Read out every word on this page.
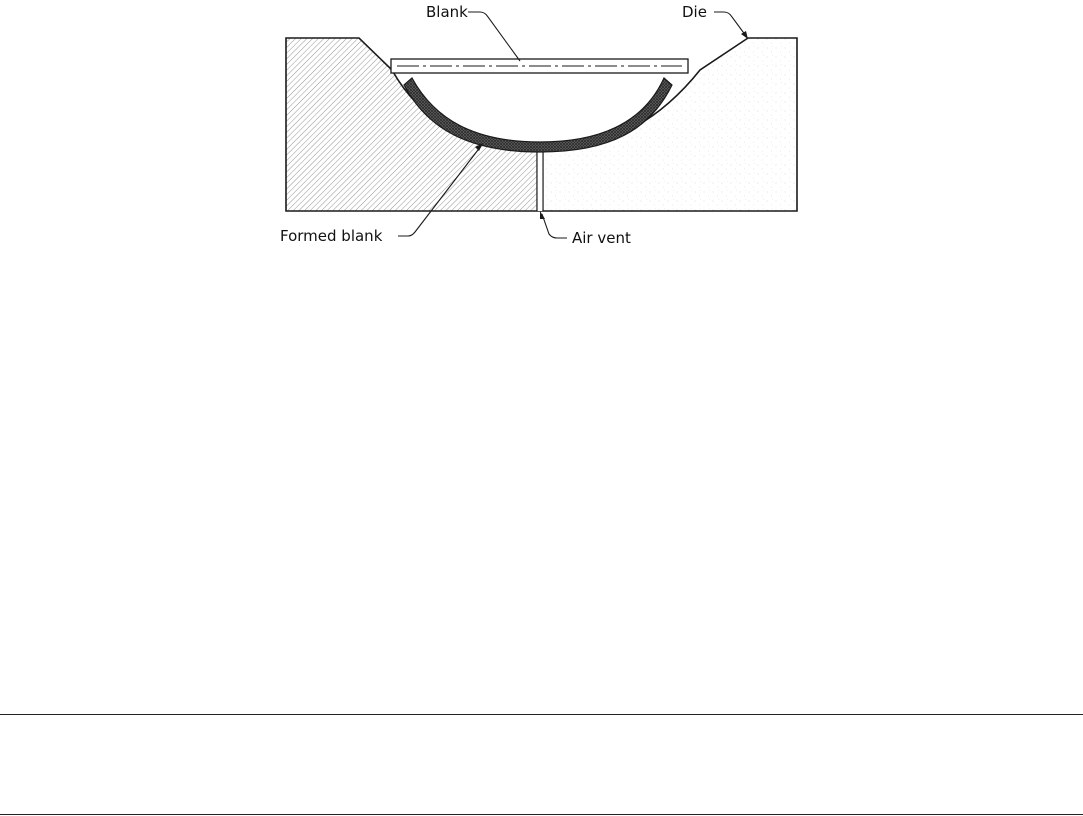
Blank	Die
Formed blank	Air vent
